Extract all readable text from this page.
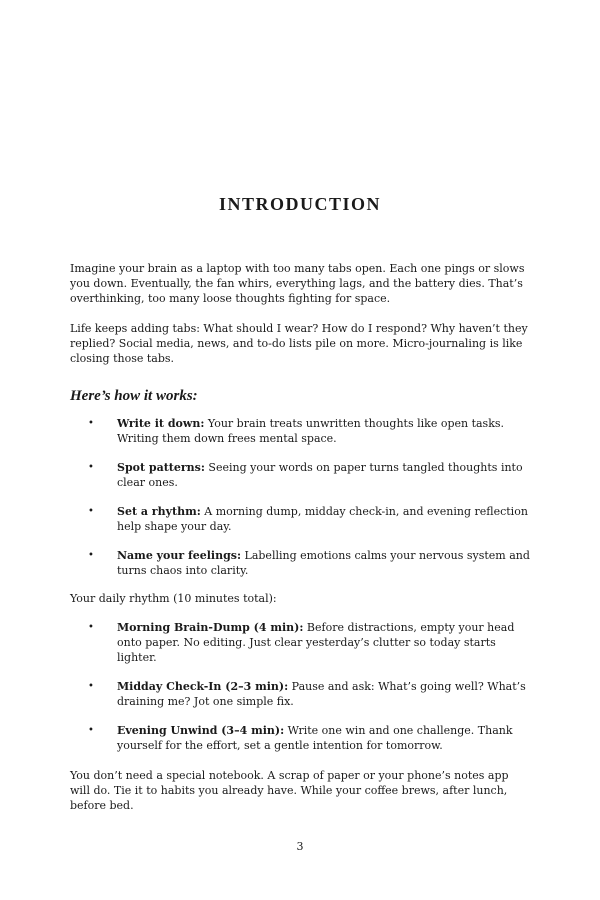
INTRODUCTION

Imagine your brain as a laptop with too many tabs open. Each one pings or slows you down. Eventually, the fan whirs, everything lags, and the battery dies. That’s overthinking, too many loose thoughts fighting for space.

Life keeps adding tabs: What should I wear? How do I respond? Why haven’t they replied? Social media, news, and to-do lists pile on more. Micro-journaling is like closing those tabs.

Here’s how it works:

• Write it down: Your brain treats unwritten thoughts like open tasks. Writing them down frees mental space.
• Spot patterns: Seeing your words on paper turns tangled thoughts into clear ones.
• Set a rhythm: A morning dump, midday check-in, and evening reflection help shape your day.
• Name your feelings: Labelling emotions calms your nervous system and turns chaos into clarity.

Your daily rhythm (10 minutes total):

• Morning Brain-Dump (4 min): Before distractions, empty your head onto paper. No editing. Just clear yesterday’s clutter so today starts lighter.
• Midday Check-In (2–3 min): Pause and ask: What’s going well? What’s draining me? Jot one simple fix.
• Evening Unwind (3–4 min): Write one win and one challenge. Thank yourself for the effort, set a gentle intention for tomorrow.

You don’t need a special notebook. A scrap of paper or your phone’s notes app will do. Tie it to habits you already have. While your coffee brews, after lunch, before bed.

3
